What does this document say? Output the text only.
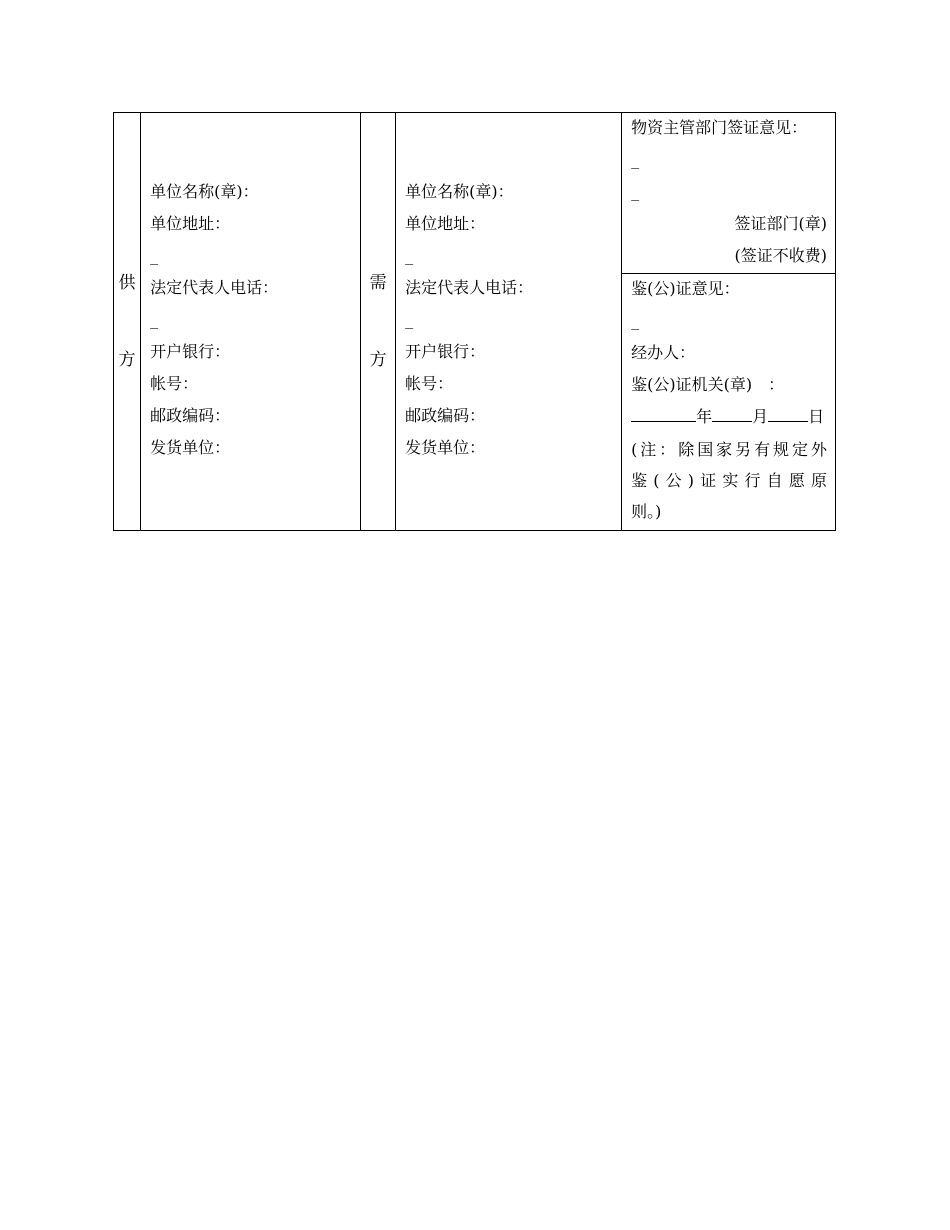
供
方

单位名称(章)：
单位地址：
_
法定代表人电话：
_
开户银行：
帐号：
邮政编码：
发货单位：

需
方

单位名称(章)：
单位地址：
_
法定代表人电话：
_
开户银行：
帐号：
邮政编码：
发货单位：

物资主管部门签证意见：
_
_
签证部门(章)
(签证不收费)

鉴(公)证意见：
_
经办人：
鉴(公)证机关(章)　：
年	月	日
(注：除国家另有规定外
鉴(公)证实行自愿原
则。)
